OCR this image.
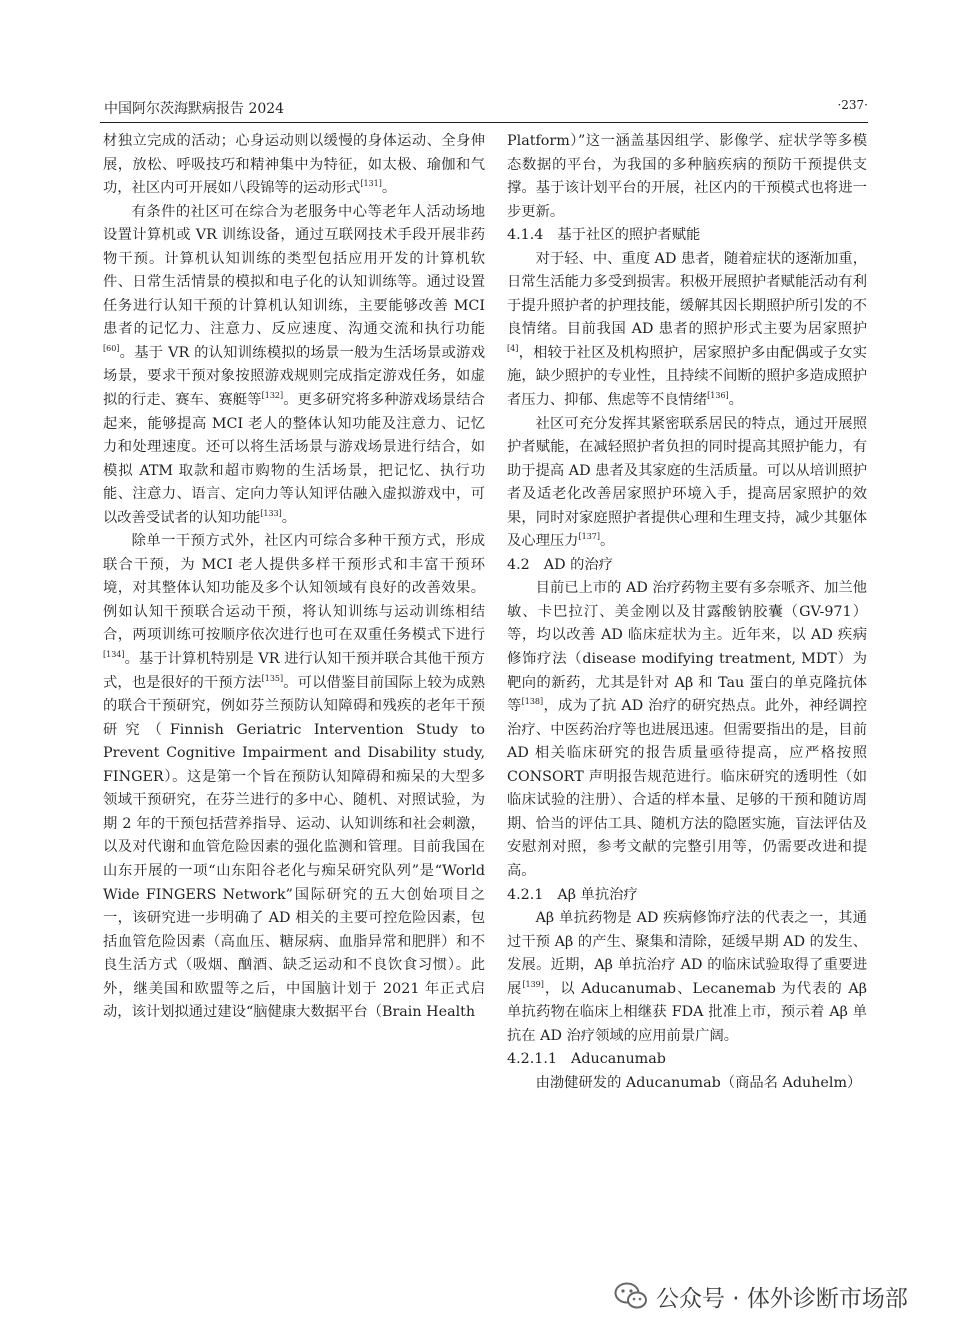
中国阿尔茨海默病报告 2024	·237·

材独立完成的活动；心身运动则以缓慢的身体运动、全身伸展，放松、呼吸技巧和精神集中为特征，如太极、瑜伽和气功，社区内可开展如八段锦等的运动形式[131]。

有条件的社区可在综合为老服务中心等老年人活动场地设置计算机或 VR 训练设备，通过互联网技术手段开展非药物干预。计算机认知训练的类型包括应用开发的计算机软件、日常生活情景的模拟和电子化的认知训练等。通过设置任务进行认知干预的计算机认知训练，主要能够改善 MCI 患者的记忆力、注意力、反应速度、沟通交流和执行功能[60]。基于 VR 的认知训练模拟的场景一般为生活场景或游戏场景，要求干预对象按照游戏规则完成指定游戏任务，如虚拟的行走、赛车、赛艇等[132]。更多研究将多种游戏场景结合起来，能够提高 MCI 老人的整体认知功能及注意力、记忆力和处理速度。还可以将生活场景与游戏场景进行结合，如模拟 ATM 取款和超市购物的生活场景，把记忆、执行功能、注意力、语言、定向力等认知评估融入虚拟游戏中，可以改善受试者的认知功能[133]。

除单一干预方式外，社区内可综合多种干预方式，形成联合干预，为 MCI 老人提供多样干预形式和丰富干预环境，对其整体认知功能及多个认知领域有良好的改善效果。例如认知干预联合运动干预，将认知训练与运动训练相结合，两项训练可按顺序依次进行也可在双重任务模式下进行[134]。基于计算机特别是 VR 进行认知干预并联合其他干预方式，也是很好的干预方法[135]。可以借鉴目前国际上较为成熟的联合干预研究，例如芬兰预防认知障碍和残疾的老年干预研究（Finnish Geriatric Intervention Study to Prevent Cognitive Impairment and Disability study, FINGER）。这是第一个旨在预防认知障碍和痴呆的大型多领域干预研究，在芬兰进行的多中心、随机、对照试验，为期 2 年的干预包括营养指导、运动、认知训练和社会刺激，以及对代谢和血管危险因素的强化监测和管理。目前我国在山东开展的一项“山东阳谷老化与痴呆研究队列”是“World Wide FINGERS Network”国际研究的五大创始项目之一，该研究进一步明确了 AD 相关的主要可控危险因素，包括血管危险因素（高血压、糖尿病、血脂异常和肥胖）和不良生活方式（吸烟、酗酒、缺乏运动和不良饮食习惯）。此外，继美国和欧盟等之后，中国脑计划于 2021 年正式启动，该计划拟通过建设“脑健康大数据平台（Brain Health

Platform）”这一涵盖基因组学、影像学、症状学等多模态数据的平台，为我国的多种脑疾病的预防干预提供支撑。基于该计划平台的开展，社区内的干预模式也将进一步更新。

4.1.4 基于社区的照护者赋能

对于轻、中、重度 AD 患者，随着症状的逐渐加重，日常生活能力多受到损害。积极开展照护者赋能活动有利于提升照护者的护理技能，缓解其因长期照护所引发的不良情绪。目前我国 AD 患者的照护形式主要为居家照护[4]，相较于社区及机构照护，居家照护多由配偶或子女实施，缺少照护的专业性，且持续不间断的照护多造成照护者压力、抑郁、焦虑等不良情绪[136]。

社区可充分发挥其紧密联系居民的特点，通过开展照护者赋能，在减轻照护者负担的同时提高其照护能力，有助于提高 AD 患者及其家庭的生活质量。可以从培训照护者及适老化改善居家照护环境入手，提高居家照护的效果，同时对家庭照护者提供心理和生理支持，减少其躯体及心理压力[137]。

4.2 AD 的治疗

目前已上市的 AD 治疗药物主要有多奈哌齐、加兰他敏、卡巴拉汀、美金刚以及甘露酸钠胶囊（GV-971）等，均以改善 AD 临床症状为主。近年来，以 AD 疾病修饰疗法（disease modifying treatment, MDT）为靶向的新药，尤其是针对 Aβ 和 Tau 蛋白的单克隆抗体等[138]，成为了抗 AD 治疗的研究热点。此外，神经调控治疗、中医药治疗等也进展迅速。但需要指出的是，目前 AD 相关临床研究的报告质量亟待提高，应严格按照 CONSORT 声明报告规范进行。临床研究的透明性（如临床试验的注册）、合适的样本量、足够的干预和随访周期、恰当的评估工具、随机方法的隐匿实施，盲法评估及安慰剂对照，参考文献的完整引用等，仍需要改进和提高。

4.2.1 Aβ 单抗治疗

Aβ 单抗药物是 AD 疾病修饰疗法的代表之一，其通过干预 Aβ 的产生、聚集和清除，延缓早期 AD 的发生、发展。近期，Aβ 单抗治疗 AD 的临床试验取得了重要进展[139]，以 Aducanumab、Lecanemab 为代表的 Aβ 单抗药物在临床上相继获 FDA 批准上市，预示着 Aβ 单抗在 AD 治疗领域的应用前景广阔。

4.2.1.1 Aducanumab

由渤健研发的 Aducanumab（商品名 Aduhelm）

公众号 · 体外诊断市场部
